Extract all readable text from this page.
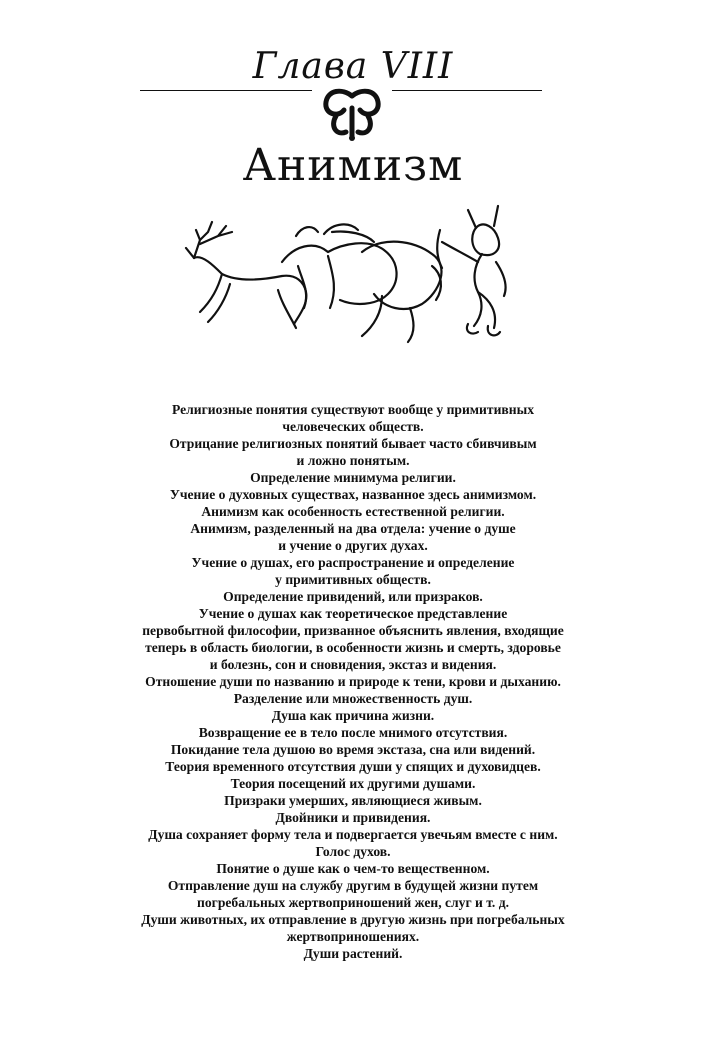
Глава VIII
Анимизм
Религиозные понятия существуют вообще у примитивных
человеческих обществ.
Отрицание религиозных понятий бывает часто сбивчивым
и ложно понятым.
Определение минимума религии.
Учение о духовных существах, названное здесь анимизмом.
Анимизм как особенность естественной религии.
Анимизм, разделенный на два отдела: учение о душе
и учение о других духах.
Учение о душах, его распространение и определение
у примитивных обществ.
Определение привидений, или призраков.
Учение о душах как теоретическое представление
первобытной философии, призванное объяснить явления, входящие
теперь в область биологии, в особенности жизнь и смерть, здоровье
и болезнь, сон и сновидения, экстаз и видения.
Отношение души по названию и природе к тени, крови и дыханию.
Разделение или множественность душ.
Душа как причина жизни.
Возвращение ее в тело после мнимого отсутствия.
Покидание тела душою во время экстаза, сна или видений.
Теория временного отсутствия души у спящих и духовидцев.
Теория посещений их другими душами.
Призраки умерших, являющиеся живым.
Двойники и привидения.
Душа сохраняет форму тела и подвергается увечьям вместе с ним.
Голос духов.
Понятие о душе как о чем-то вещественном.
Отправление душ на службу другим в будущей жизни путем
погребальных жертвоприношений жен, слуг и т. д.
Души животных, их отправление в другую жизнь при погребальных
жертвоприношениях.
Души растений.
